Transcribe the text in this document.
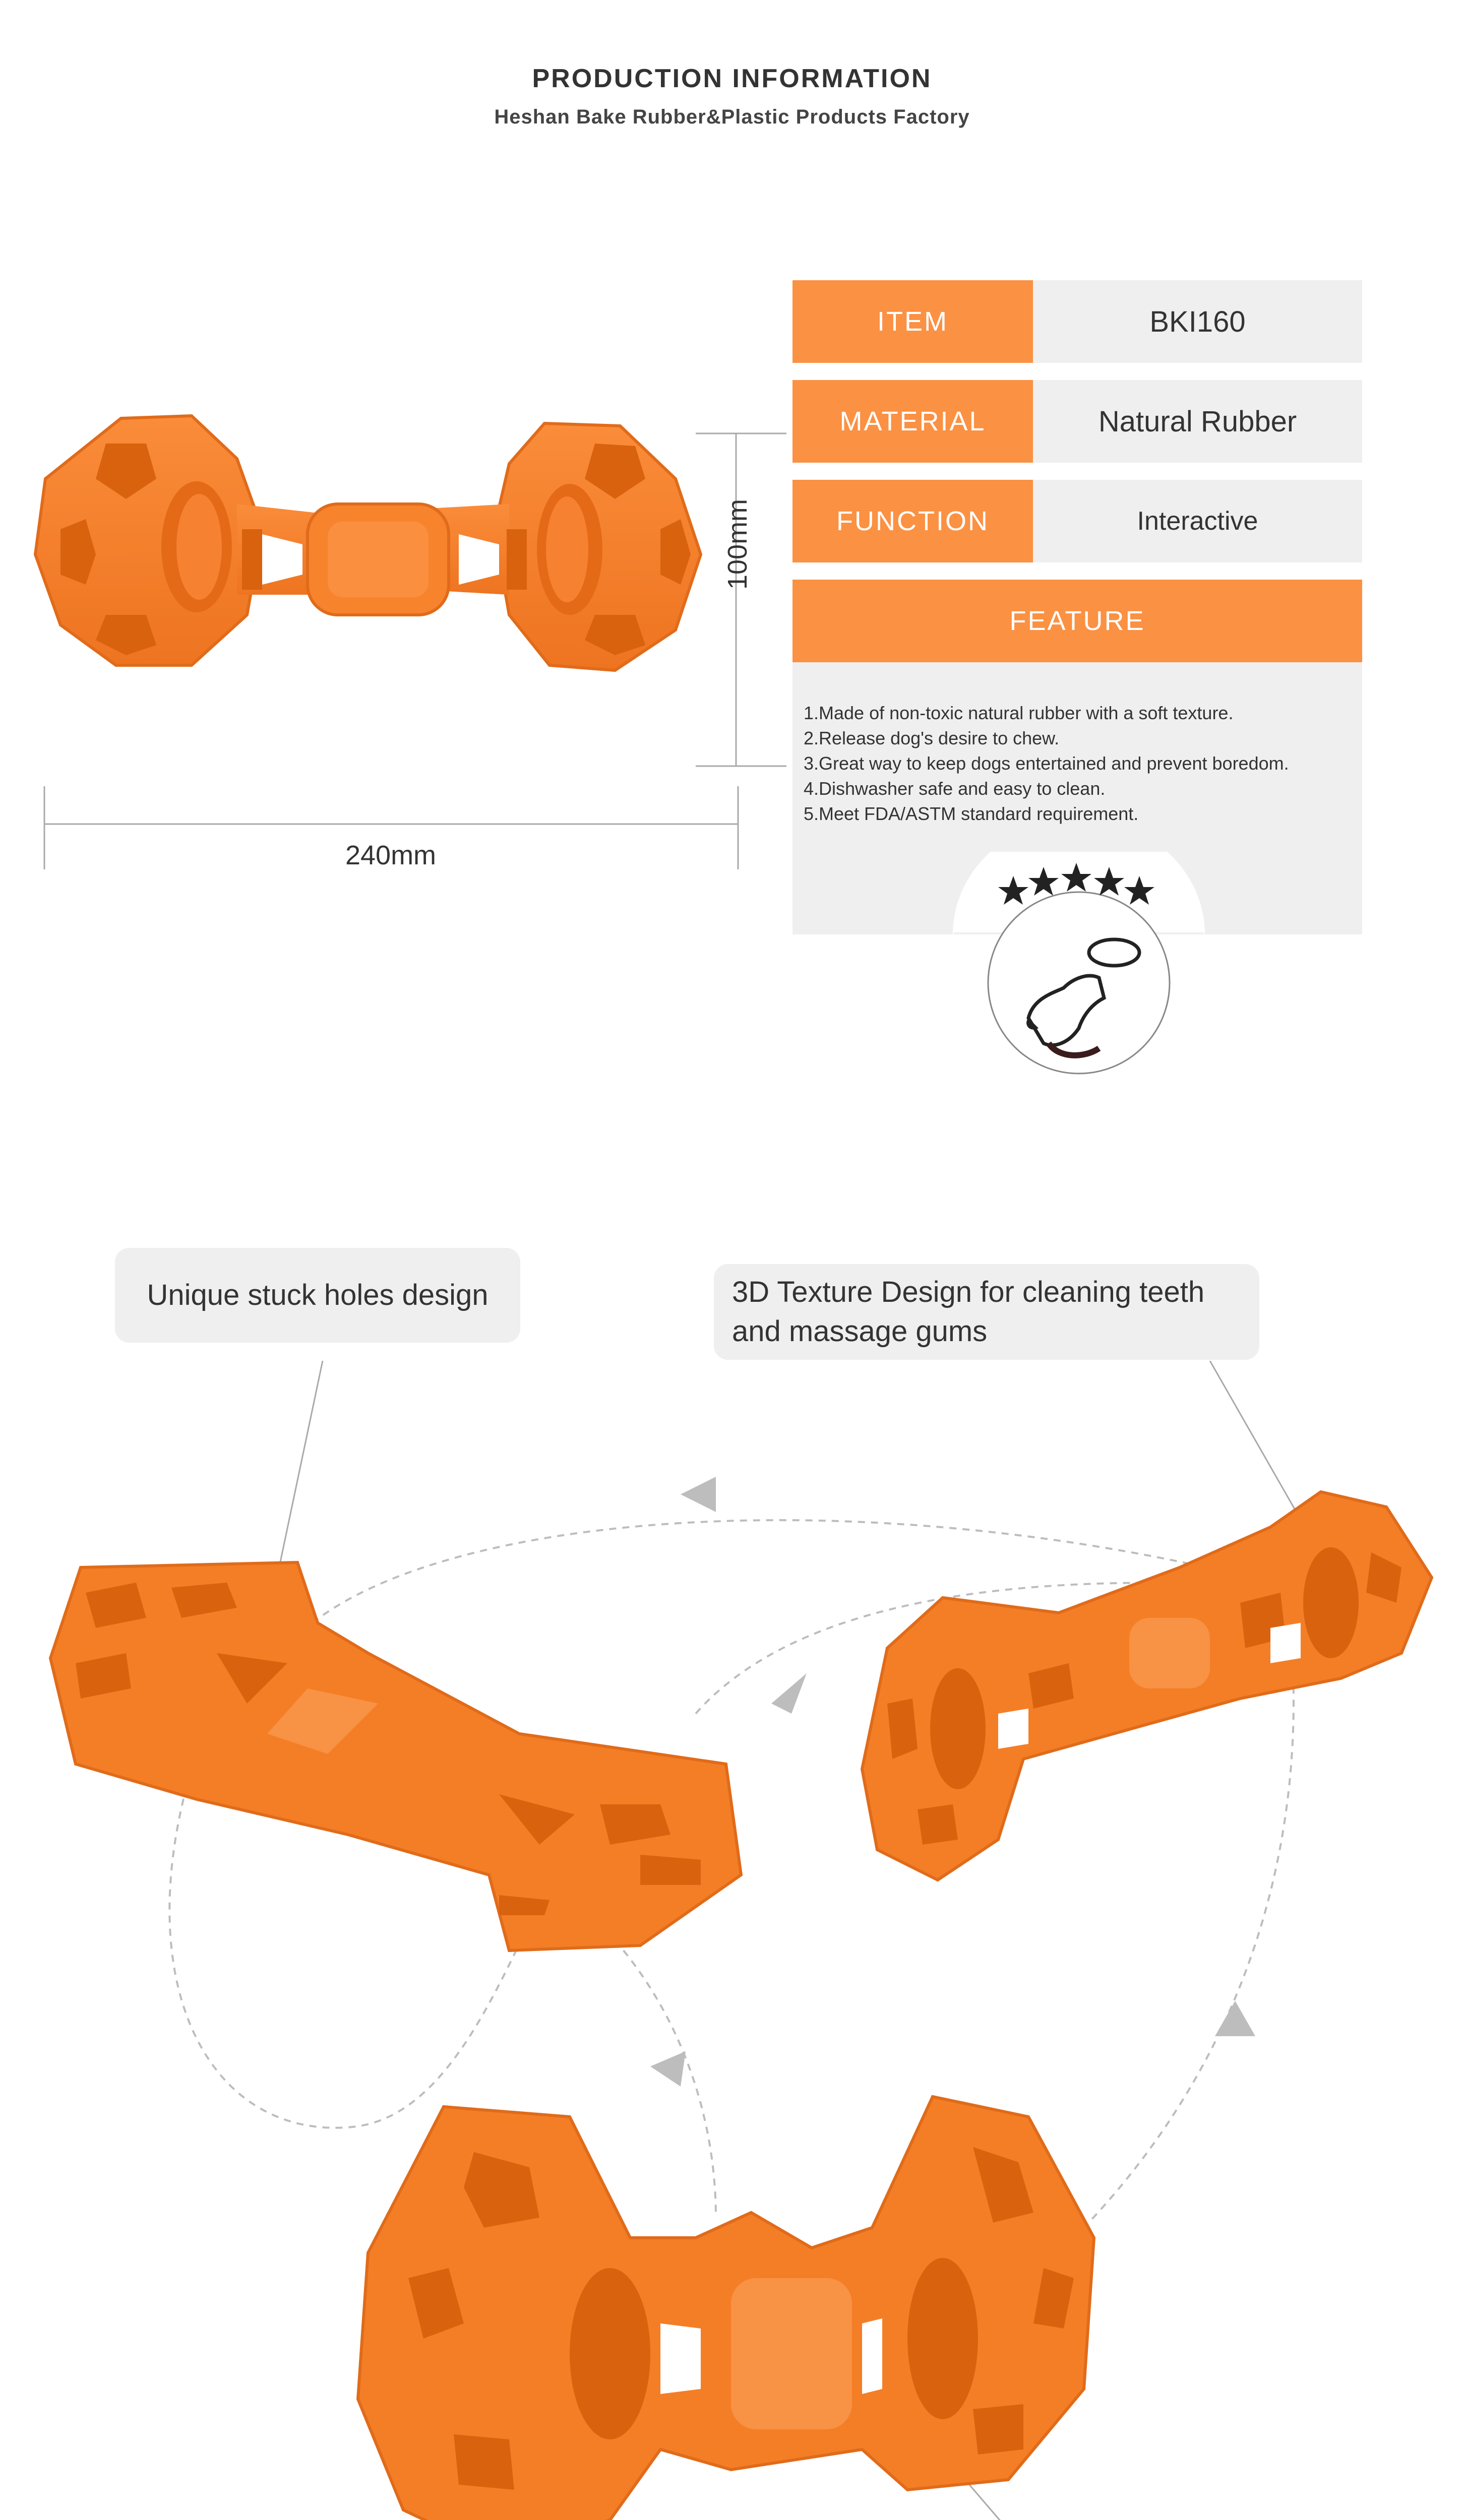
PRODUCTION INFORMATION
Heshan Bake Rubber&Plastic Products Factory
240mm
100mm
ITEM	BKI160
MATERIAL	Natural Rubber
FUNCTION	Interactive
FEATURE
1.Made of non-toxic natural rubber with a soft texture.
2.Release dog's desire to chew.
3.Great way to keep dogs entertained and prevent boredom.
4.Dishwasher safe and easy to clean.
5.Meet FDA/ASTM standard requirement.
Unique stuck holes design	3D Texture Design for cleaning teeth
and massage gums
